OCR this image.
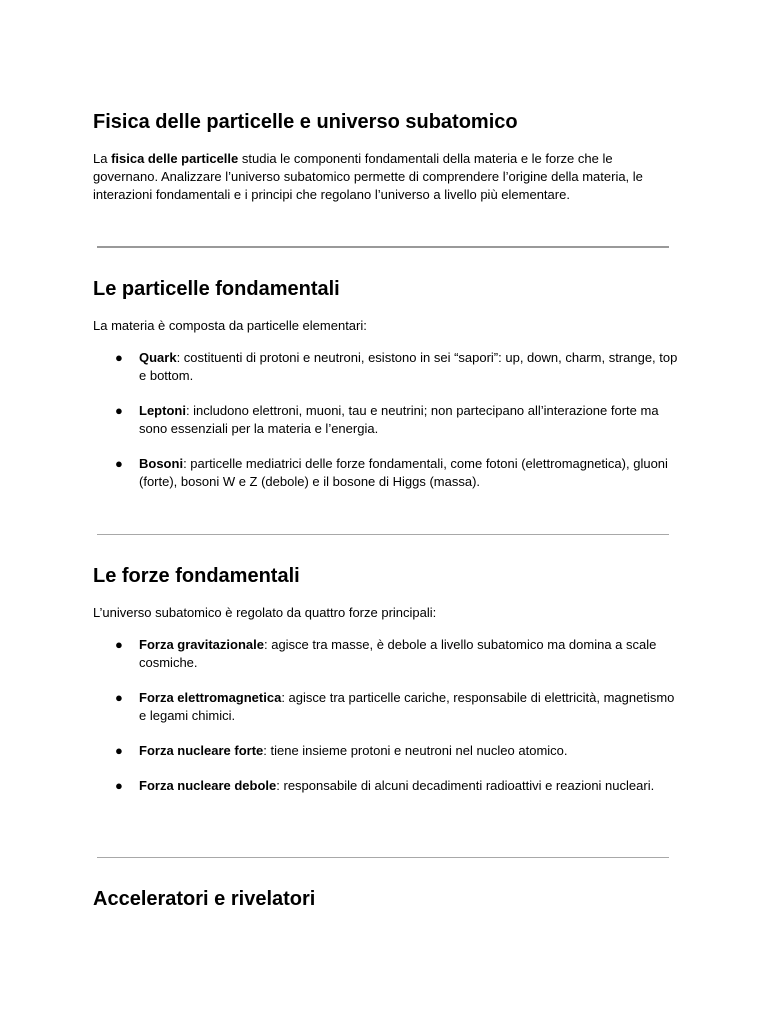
Fisica delle particelle e universo subatomico

La fisica delle particelle studia le componenti fondamentali della materia e le forze che le governano. Analizzare l’universo subatomico permette di comprendere l’origine della materia, le interazioni fondamentali e i principi che regolano l’universo a livello più elementare.

Le particelle fondamentali

La materia è composta da particelle elementari:

● Quark: costituenti di protoni e neutroni, esistono in sei “sapori”: up, down, charm, strange, top e bottom.
● Leptoni: includono elettroni, muoni, tau e neutrini; non partecipano all’interazione forte ma sono essenziali per la materia e l’energia.
● Bosoni: particelle mediatrici delle forze fondamentali, come fotoni (elettromagnetica), gluoni (forte), bosoni W e Z (debole) e il bosone di Higgs (massa).
Le forze fondamentali

L’universo subatomico è regolato da quattro forze principali:

● Forza gravitazionale: agisce tra masse, è debole a livello subatomico ma domina a scale cosmiche.
● Forza elettromagnetica: agisce tra particelle cariche, responsabile di elettricità, magnetismo e legami chimici.
● Forza nucleare forte: tiene insieme protoni e neutroni nel nucleo atomico.
● Forza nucleare debole: responsabile di alcuni decadimenti radioattivi e reazioni nucleari.
Acceleratori e rivelatori
